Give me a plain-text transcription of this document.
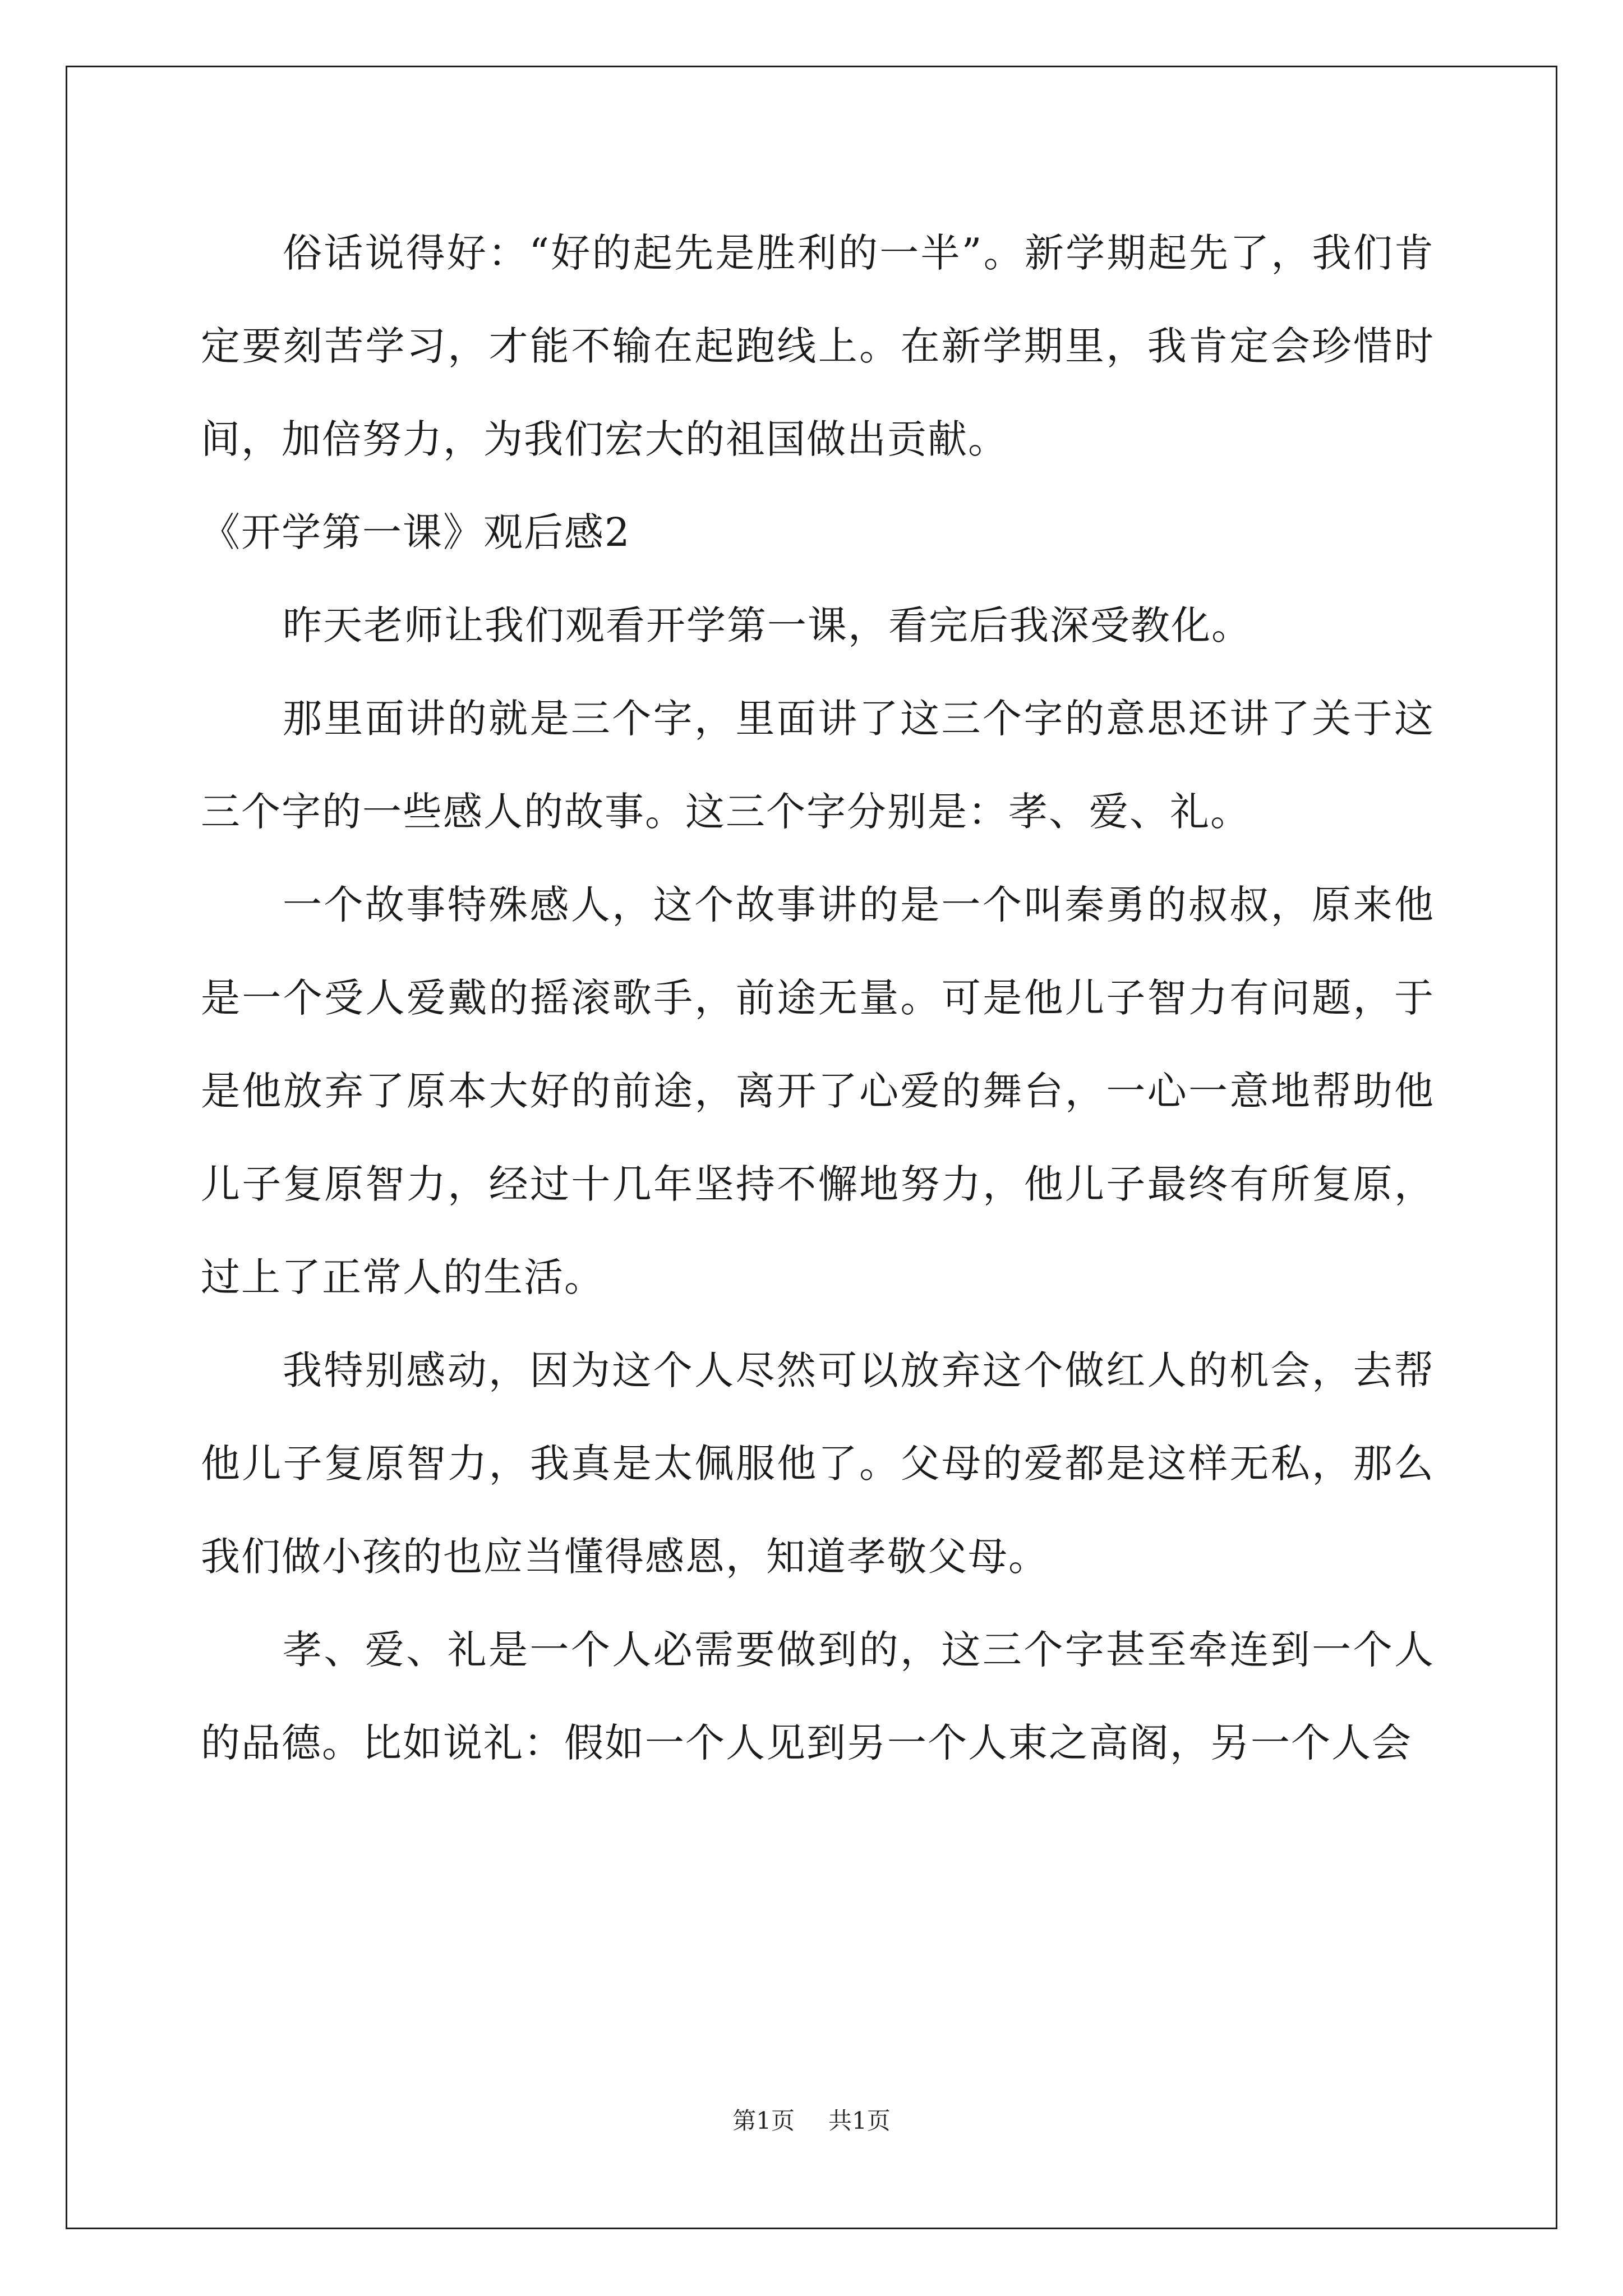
俗话说得好：“好的起先是胜利的一半”。新学期起先了，我们肯定要刻苦学习，才能不输在起跑线上。在新学期里，我肯定会珍惜时间，加倍努力，为我们宏大的祖国做出贡献。

《开学第一课》观后感2

昨天老师让我们观看开学第一课，看完后我深受教化。

那里面讲的就是三个字，里面讲了这三个字的意思还讲了关于这三个字的一些感人的故事。这三个字分别是：孝、爱、礼。

一个故事特殊感人，这个故事讲的是一个叫秦勇的叔叔，原来他是一个受人爱戴的摇滚歌手，前途无量。可是他儿子智力有问题，于是他放弃了原本大好的前途，离开了心爱的舞台，一心一意地帮助他儿子复原智力，经过十几年坚持不懈地努力，他儿子最终有所复原，过上了正常人的生活。

我特别感动，因为这个人尽然可以放弃这个做红人的机会，去帮他儿子复原智力，我真是太佩服他了。父母的爱都是这样无私，那么我们做小孩的也应当懂得感恩，知道孝敬父母。

孝、爱、礼是一个人必需要做到的，这三个字甚至牵连到一个人的品德。比如说礼：假如一个人见到另一个人束之高阁，另一个人会

第1页 共1页
